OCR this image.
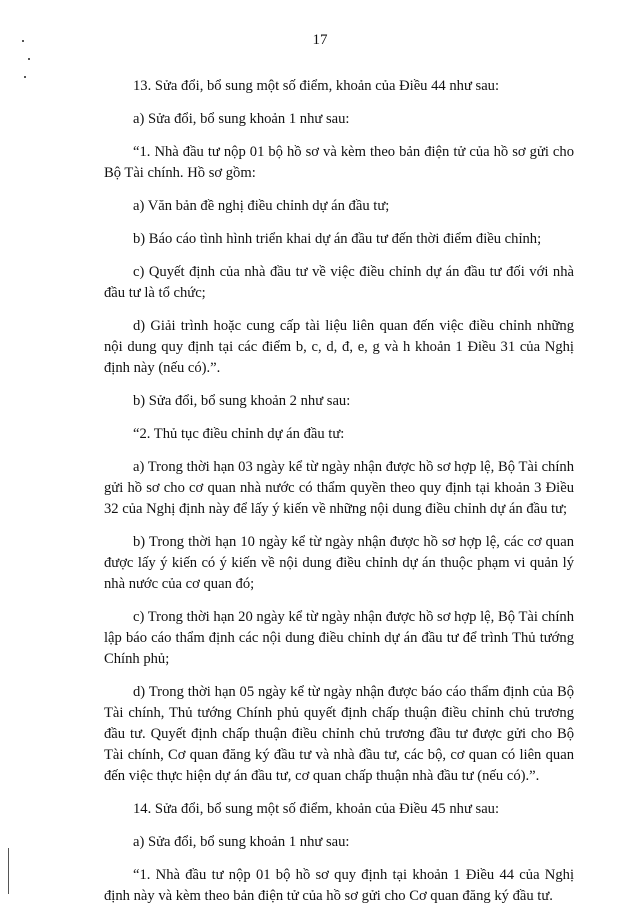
17

13. Sửa đổi, bổ sung một số điểm, khoản của Điều 44 như sau:

a) Sửa đổi, bổ sung khoản 1 như sau:

“1. Nhà đầu tư nộp 01 bộ hồ sơ và kèm theo bản điện tử của hồ sơ gửi cho Bộ Tài chính. Hồ sơ gồm:

a) Văn bản đề nghị điều chỉnh dự án đầu tư;

b) Báo cáo tình hình triển khai dự án đầu tư đến thời điểm điều chỉnh;

c) Quyết định của nhà đầu tư về việc điều chỉnh dự án đầu tư đối với nhà đầu tư là tổ chức;

d) Giải trình hoặc cung cấp tài liệu liên quan đến việc điều chỉnh những nội dung quy định tại các điểm b, c, d, đ, e, g và h khoản 1 Điều 31 của Nghị định này (nếu có).”.

b) Sửa đổi, bổ sung khoản 2 như sau:

“2. Thủ tục điều chỉnh dự án đầu tư:

a) Trong thời hạn 03 ngày kể từ ngày nhận được hồ sơ hợp lệ, Bộ Tài chính gửi hồ sơ cho cơ quan nhà nước có thẩm quyền theo quy định tại khoản 3 Điều 32 của Nghị định này để lấy ý kiến về những nội dung điều chỉnh dự án đầu tư;

b) Trong thời hạn 10 ngày kể từ ngày nhận được hồ sơ hợp lệ, các cơ quan được lấy ý kiến có ý kiến về nội dung điều chỉnh dự án thuộc phạm vi quản lý nhà nước của cơ quan đó;

c) Trong thời hạn 20 ngày kể từ ngày nhận được hồ sơ hợp lệ, Bộ Tài chính lập báo cáo thẩm định các nội dung điều chỉnh dự án đầu tư để trình Thủ tướng Chính phủ;

d) Trong thời hạn 05 ngày kể từ ngày nhận được báo cáo thẩm định của Bộ Tài chính, Thủ tướng Chính phủ quyết định chấp thuận điều chỉnh chủ trương đầu tư. Quyết định chấp thuận điều chỉnh chủ trương đầu tư được gửi cho Bộ Tài chính, Cơ quan đăng ký đầu tư và nhà đầu tư, các bộ, cơ quan có liên quan đến việc thực hiện dự án đầu tư, cơ quan chấp thuận nhà đầu tư (nếu có).”.

14. Sửa đổi, bổ sung một số điểm, khoản của Điều 45 như sau:

a) Sửa đổi, bổ sung khoản 1 như sau:

“1. Nhà đầu tư nộp 01 bộ hồ sơ quy định tại khoản 1 Điều 44 của Nghị định này và kèm theo bản điện tử của hồ sơ gửi cho Cơ quan đăng ký đầu tư.
